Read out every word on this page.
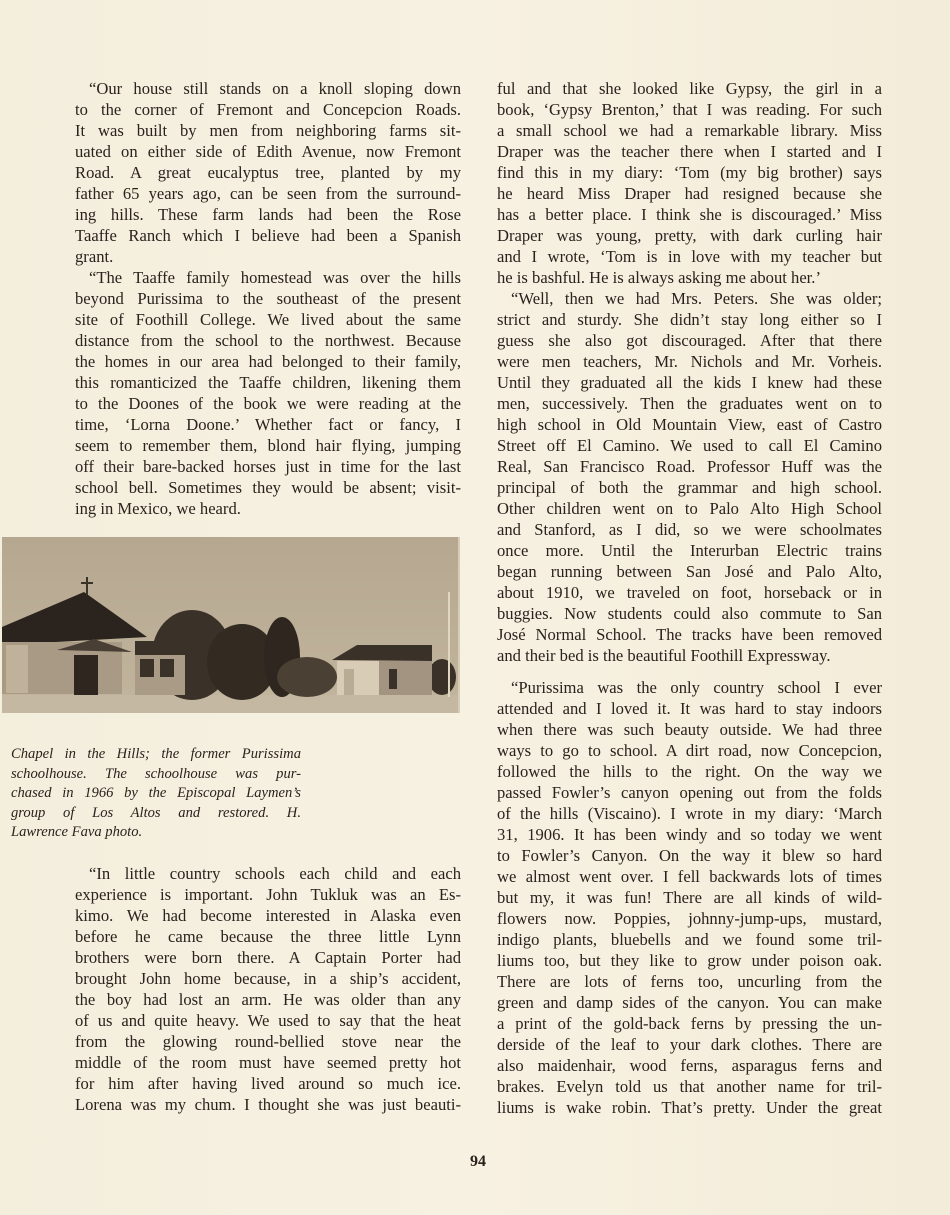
“Our house still stands on a knoll sloping down
to the corner of Fremont and Concepcion Roads.
It was built by men from neighboring farms sit-
uated on either side of Edith Avenue, now Fremont
Road. A great eucalyptus tree, planted by my
father 65 years ago, can be seen from the surround-
ing hills. These farm lands had been the Rose
Taaffe Ranch which I believe had been a Spanish
grant.
“The Taaffe family homestead was over the hills
beyond Purissima to the southeast of the present
site of Foothill College. We lived about the same
distance from the school to the northwest. Because
the homes in our area had belonged to their family,
this romanticized the Taaffe children, likening them
to the Doones of the book we were reading at the
time, ‘Lorna Doone.’ Whether fact or fancy, I
seem to remember them, blond hair flying, jumping
off their bare-backed horses just in time for the last
school bell. Sometimes they would be absent; visit-
ing in Mexico, we heard.
Chapel in the Hills; the former Purissima
schoolhouse. The schoolhouse was pur-
chased in 1966 by the Episcopal Laymen’s
group of Los Altos and restored. H.
Lawrence Fava photo.
“In little country schools each child and each
experience is important. John Tukluk was an Es-
kimo. We had become interested in Alaska even
before he came because the three little Lynn
brothers were born there. A Captain Porter had
brought John home because, in a ship’s accident,
the boy had lost an arm. He was older than any
of us and quite heavy. We used to say that the heat
from the glowing round-bellied stove near the
middle of the room must have seemed pretty hot
for him after having lived around so much ice.
Lorena was my chum. I thought she was just beauti-
ful and that she looked like Gypsy, the girl in a
book, ‘Gypsy Brenton,’ that I was reading. For such
a small school we had a remarkable library. Miss
Draper was the teacher there when I started and I
find this in my diary: ‘Tom (my big brother) says
he heard Miss Draper had resigned because she
has a better place. I think she is discouraged.’ Miss
Draper was young, pretty, with dark curling hair
and I wrote, ‘Tom is in love with my teacher but
he is bashful. He is always asking me about her.’
“Well, then we had Mrs. Peters. She was older;
strict and sturdy. She didn’t stay long either so I
guess she also got discouraged. After that there
were men teachers, Mr. Nichols and Mr. Vorheis.
Until they graduated all the kids I knew had these
men, successively. Then the graduates went on to
high school in Old Mountain View, east of Castro
Street off El Camino. We used to call El Camino
Real, San Francisco Road. Professor Huff was the
principal of both the grammar and high school.
Other children went on to Palo Alto High School
and Stanford, as I did, so we were schoolmates
once more. Until the Interurban Electric trains
began running between San José and Palo Alto,
about 1910, we traveled on foot, horseback or in
buggies. Now students could also commute to San
José Normal School. The tracks have been removed
and their bed is the beautiful Foothill Expressway.
“Purissima was the only country school I ever
attended and I loved it. It was hard to stay indoors
when there was such beauty outside. We had three
ways to go to school. A dirt road, now Concepcion,
followed the hills to the right. On the way we
passed Fowler’s canyon opening out from the folds
of the hills (Viscaino). I wrote in my diary: ‘March
31, 1906. It has been windy and so today we went
to Fowler’s Canyon. On the way it blew so hard
we almost went over. I fell backwards lots of times
but my, it was fun! There are all kinds of wild-
flowers now. Poppies, johnny-jump-ups, mustard,
indigo plants, bluebells and we found some tril-
liums too, but they like to grow under poison oak.
There are lots of ferns too, uncurling from the
green and damp sides of the canyon. You can make
a print of the gold-back ferns by pressing the un-
derside of the leaf to your dark clothes. There are
also maidenhair, wood ferns, asparagus ferns and
brakes. Evelyn told us that another name for tril-
liums is wake robin. That’s pretty. Under the great
94
